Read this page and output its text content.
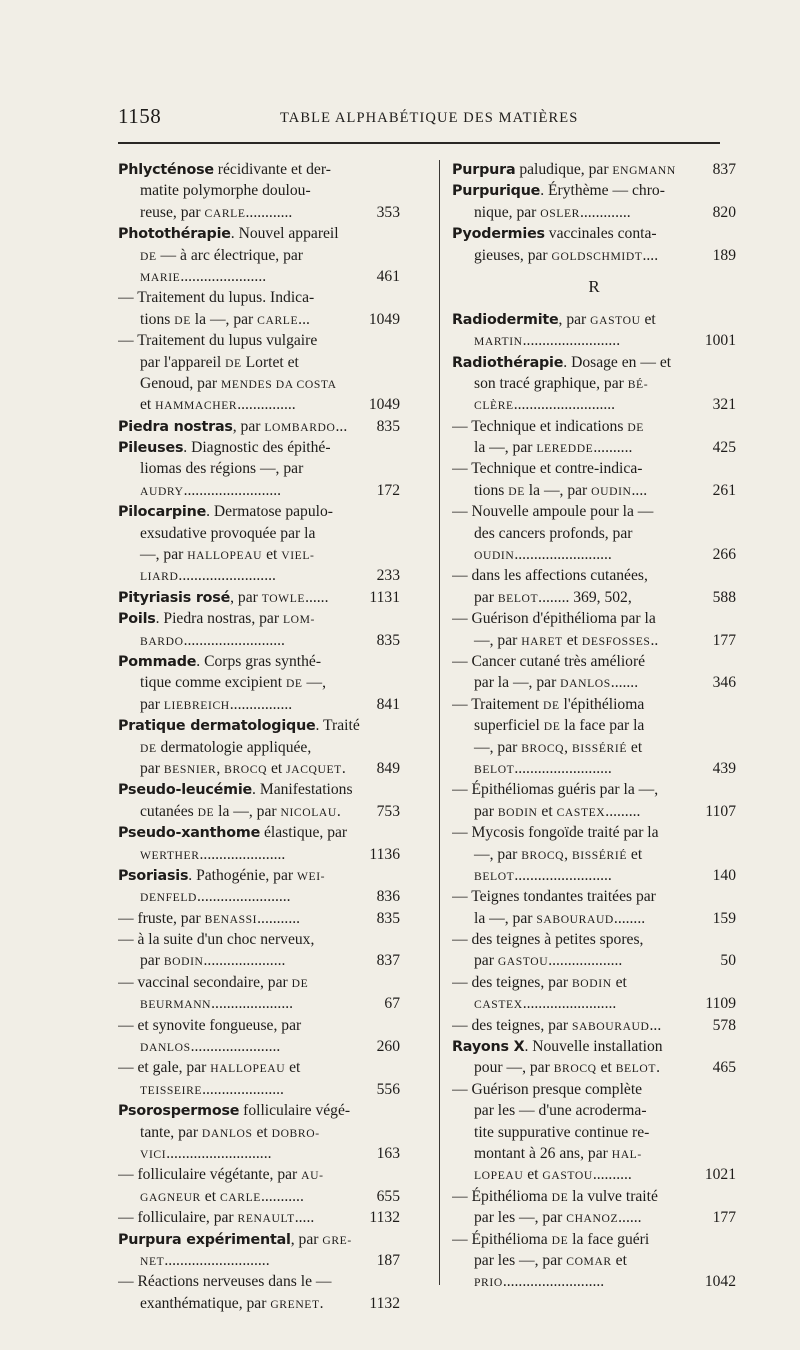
1158	TABLE ALPHABÉTIQUE DES MATIÈRES
Phlycténose récidivante et der-
matite polymorphe doulou-
reuse, par CARLE............	353
Photothérapie. Nouvel appareil
DE — à arc électrique, par
MARIE......................	461
— Traitement du lupus. Indica-
tions DE la —, par CARLE...	1049
— Traitement du lupus vulgaire
par l'appareil DE Lortet et
Genoud, par MENDES DA COSTA
et HAMMACHER...............	1049
Piedra nostras, par LOMBARDO...	835
Pileuses. Diagnostic des épithé-
liomas des régions —, par
AUDRY.........................	172
Pilocarpine. Dermatose papulo-
exsudative provoquée par la
—, par HALLOPEAU et VIEL-
LIARD.........................	233
Pityriasis rosé, par TOWLE......	1131
Poils. Piedra nostras, par LOM-
BARDO..........................	835
Pommade. Corps gras synthé-
tique comme excipient DE —,
par LIEBREICH................	841
Pratique dermatologique. Traité
DE dermatologie appliquée,
par BESNIER, BROCQ et JACQUET.	849
Pseudo-leucémie. Manifestations
cutanées DE la —, par NICOLAU.	753
Pseudo-xanthome élastique, par
WERTHER......................	1136
Psoriasis. Pathogénie, par WEI-
DENFELD........................	836
— fruste, par BENASSI...........	835
— à la suite d'un choc nerveux,
par BODIN.....................	837
— vaccinal secondaire, par DE
BEURMANN.....................	67
— et synovite fongueuse, par
DANLOS.......................	260
— et gale, par HALLOPEAU et
TEISSEIRE.....................	556
Psorospermose folliculaire végé-
tante, par DANLOS et DOBRO-
VICI...........................	163
— folliculaire végétante, par AU-
GAGNEUR et CARLE...........	655
— folliculaire, par RENAULT.....	1132
Purpura expérimental, par GRE-
NET...........................	187
— Réactions nerveuses dans le —
exanthématique, par GRENET.	1132
Purpura paludique, par ENGMANN	837
Purpurique. Érythème — chro-
nique, par OSLER.............	820
Pyodermies vaccinales conta-
gieuses, par GOLDSCHMIDT....	189
R
Radiodermite, par GASTOU et
MARTIN.........................	1001
Radiothérapie. Dosage en — et
son tracé graphique, par BÉ-
CLÈRE..........................	321
— Technique et indications DE
la —, par LEREDDE..........	425
— Technique et contre-indica-
tions DE la —, par OUDIN....	261
— Nouvelle ampoule pour la —
des cancers profonds, par
OUDIN.........................	266
— dans les affections cutanées,
par BELOT........ 369, 502,	588
— Guérison d'épithélioma par la
—, par HARET et DESFOSSES..	177
— Cancer cutané très amélioré
par la —, par DANLOS.......	346
— Traitement DE l'épithélioma
superficiel DE la face par la
—, par BROCQ, BISSÉRIÉ et
BELOT.........................	439
— Épithéliomas guéris par la —,
par BODIN et CASTEX.........	1107
— Mycosis fongoïde traité par la
—, par BROCQ, BISSÉRIÉ et
BELOT.........................	140
— Teignes tondantes traitées par
la —, par SABOURAUD........	159
— des teignes à petites spores,
par GASTOU...................	50
— des teignes, par BODIN et
CASTEX........................	1109
— des teignes, par SABOURAUD...	578
Rayons X. Nouvelle installation
pour —, par BROCQ et BELOT.	465
— Guérison presque complète
par les — d'une acroderma-
tite suppurative continue re-
montant à 26 ans, par HAL-
LOPEAU et GASTOU..........	1021
— Épithélioma DE la vulve traité
par les —, par CHANOZ......	177
— Épithélioma DE la face guéri
par les —, par COMAR et
PRIO..........................	1042
